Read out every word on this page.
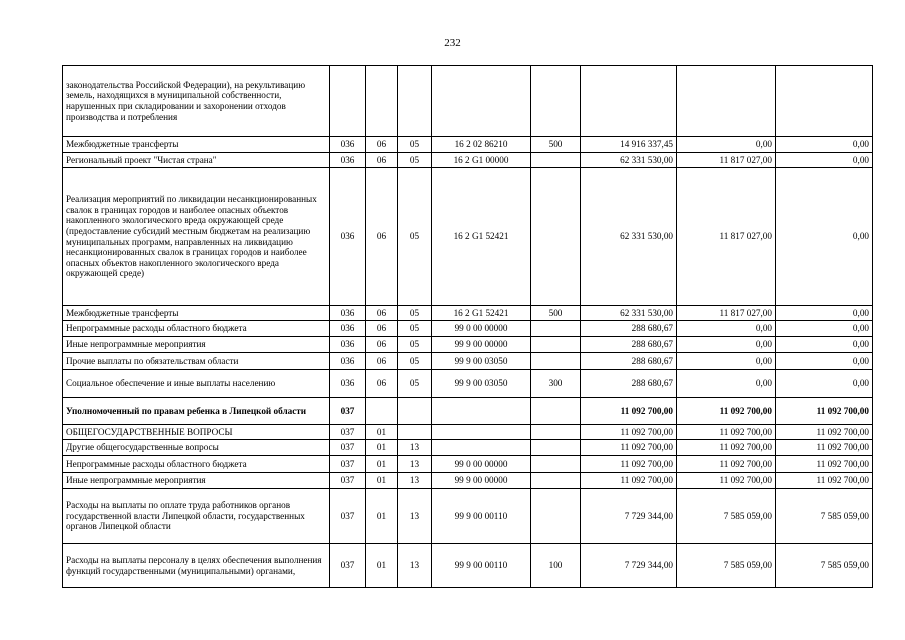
232
законодательства Российской Федерации), на рекультивацию земель, находящихся в муниципальной собственности, нарушенных при складировании и захоронении отходов производства и потребления								
Межбюджетные трансферты	036	06	05	16 2 02 86210	500	14 916 337,45	0,00	0,00
Региональный проект "Чистая страна"	036	06	05	16 2 G1 00000		62 331 530,00	11 817 027,00	0,00
Реализация мероприятий по ликвидации несанкционированных свалок в границах городов и наиболее опасных объектов накопленного экологического вреда окружающей среде (предоставление субсидий местным бюджетам на реализацию муниципальных программ, направленных на ликвидацию несанкционированных свалок в границах городов и наиболее опасных объектов накопленного экологического вреда окружающей среде)	036	06	05	16 2 G1 52421		62 331 530,00	11 817 027,00	0,00
Межбюджетные трансферты	036	06	05	16 2 G1 52421	500	62 331 530,00	11 817 027,00	0,00
Непрограммные расходы областного бюджета	036	06	05	99 0 00 00000		288 680,67	0,00	0,00
Иные непрограммные мероприятия	036	06	05	99 9 00 00000		288 680,67	0,00	0,00
Прочие выплаты по обязательствам области	036	06	05	99 9 00 03050		288 680,67	0,00	0,00
Социальное обеспечение и иные выплаты населению	036	06	05	99 9 00 03050	300	288 680,67	0,00	0,00
Уполномоченный по правам ребенка в Липецкой области	037					11 092 700,00	11 092 700,00	11 092 700,00
ОБЩЕГОСУДАРСТВЕННЫЕ ВОПРОСЫ	037	01				11 092 700,00	11 092 700,00	11 092 700,00
Другие общегосударственные вопросы	037	01	13			11 092 700,00	11 092 700,00	11 092 700,00
Непрограммные расходы областного бюджета	037	01	13	99 0 00 00000		11 092 700,00	11 092 700,00	11 092 700,00
Иные непрограммные мероприятия	037	01	13	99 9 00 00000		11 092 700,00	11 092 700,00	11 092 700,00
Расходы на выплаты по оплате труда работников органов государственной власти Липецкой области, государственных органов Липецкой области	037	01	13	99 9 00 00110		7 729 344,00	7 585 059,00	7 585 059,00
Расходы на выплаты персоналу в целях обеспечения выполнения функций государственными (муниципальными) органами,	037	01	13	99 9 00 00110	100	7 729 344,00	7 585 059,00	7 585 059,00
